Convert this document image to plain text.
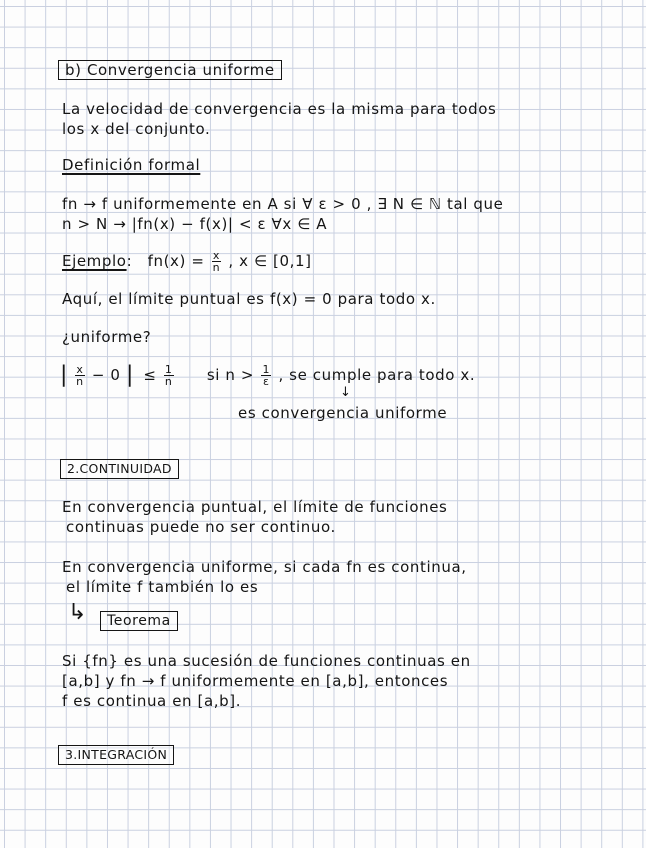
b) Convergencia uniforme
La velocidad de convergencia es la misma para todos
los x del conjunto.
Definición formal
fn → f uniformemente en A si ∀ ε > 0 , ∃ N ∈ ℕ tal que
n > N → |fn(x) − f(x)| < ε ∀x ∈ A
Ejemplo: $fn(x) = \frac{x}{n}$ , x ∈ [0,1]
Aquí, el límite puntual es f(x) = 0 para todo x.
¿uniforme?
| $\frac{x}{n} - 0$ | ≤ $\frac{1}{n}$ si $n > \frac{1}{\varepsilon}$ , se cumple para todo x.
↓
es convergencia uniforme
2.CONTINUIDAD
En convergencia puntual, el límite de funciones
continuas puede no ser continuo.
En convergencia uniforme, si cada fn es continua,
el límite f también lo es
↳	Teorema
Si {fn} es una sucesión de funciones continuas en
[a,b] y fn → f uniformemente en [a,b], entonces
f es continua en [a,b].
3.INTEGRACIÓN
